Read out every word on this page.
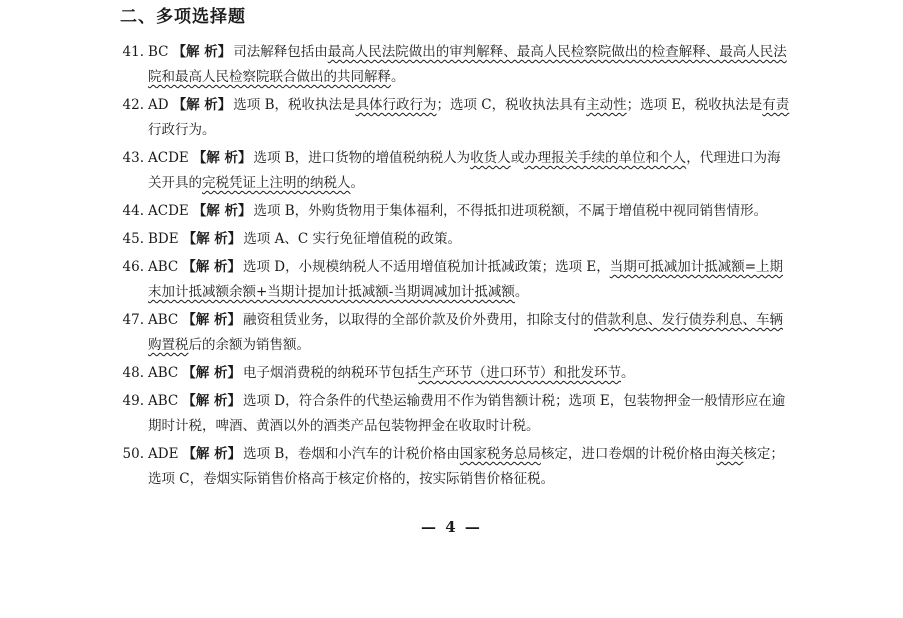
二、多项选择题
41. BC 【解 析】 司法解释包括由最高人民法院做出的审判解释、最高人民检察院做出的检查解释、最高人民法院和最高人民检察院联合做出的共同解释。
42. AD 【解 析】 选项 B，税收执法是具体行政行为；选项 C，税收执法具有主动性；选项 E，税收执法是有责行政行为。
43. ACDE 【解 析】 选项 B，进口货物的增值税纳税人为收货人或办理报关手续的单位和个人，代理进口为海关开具的完税凭证上注明的纳税人。
44. ACDE 【解 析】 选项 B，外购货物用于集体福利，不得抵扣进项税额，不属于增值税中视同销售情形。
45. BDE 【解 析】 选项 A、C 实行免征增值税的政策。
46. ABC 【解 析】 选项 D，小规模纳税人不适用增值税加计抵减政策；选项 E，当期可抵减加计抵减额=上期末加计抵减额余额+当期计提加计抵减额-当期调减加计抵减额。
47. ABC 【解 析】 融资租赁业务，以取得的全部价款及价外费用，扣除支付的借款利息、发行债券利息、车辆购置税后的余额为销售额。
48. ABC 【解 析】 电子烟消费税的纳税环节包括生产环节（进口环节）和批发环节。
49. ABC 【解 析】 选项 D，符合条件的代垫运输费用不作为销售额计税；选项 E，包装物押金一般情形应在逾期时计税，啤酒、黄酒以外的酒类产品包装物押金在收取时计税。
50. ADE 【解 析】 选项 B，卷烟和小汽车的计税价格由国家税务总局核定，进口卷烟的计税价格由海关核定；选项 C，卷烟实际销售价格高于核定价格的，按实际销售价格征税。
— 4 —
